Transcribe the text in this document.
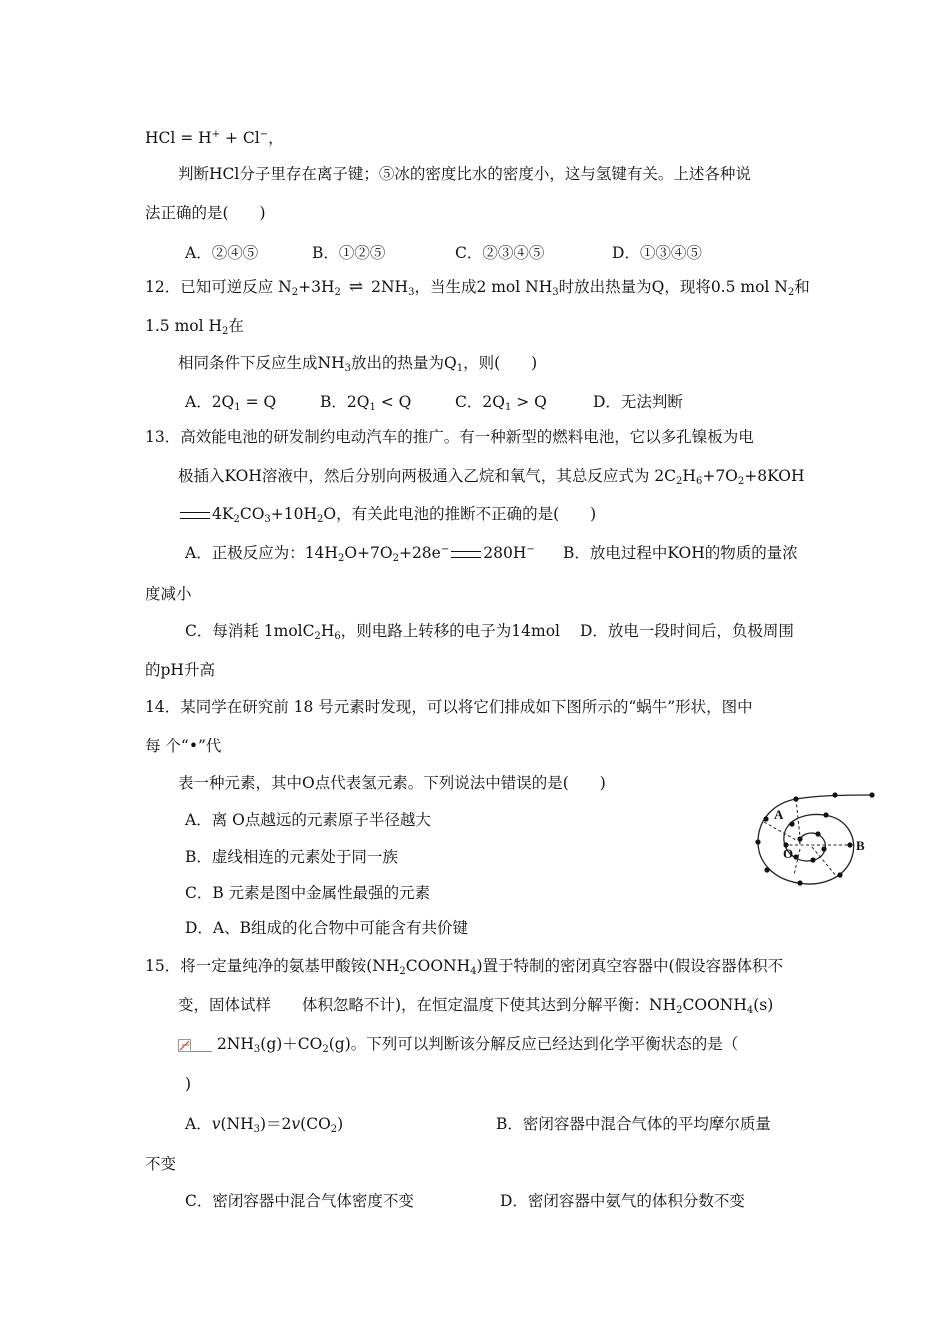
HCl = H+ + Cl−，
判断HCl分子里存在离子键；⑤冰的密度比水的密度小，这与氢键有关。上述各种说
法正确的是(　　)
A．②④⑤	B．①②⑤	C．②③④⑤	D．①③④⑤
12．已知可逆反应 $N_2+3H_2$ ⇌ $2NH_3$，当生成2 mol $NH_3$时放出热量为Q，现将0.5 mol $N_2$和
1.5 mol $H_2$在
相同条件下反应生成$NH_3$放出的热量为$Q_1$，则(　　)
A．$2Q_1 = Q$	B．$2Q_1 < Q$	C．$2Q_1 > Q$	D．无法判断
13．高效能电池的研发制约电动汽车的推广。有一种新型的燃料电池，它以多孔镍板为电
极插入KOH溶液中，然后分别向两极通入乙烷和氧气，其总反应式为 $2C_2H_6+7O_2+8KOH$
$4K_2CO_3+10H_2O$，有关此电池的推断不正确的是(　　)
A．正极反应为：$14H_2O+7O_2+28e^-$ 280H− B．放电过程中KOH的物质的量浓
度减小
C．每消耗 $1molC_2H_6$，则电路上转移的电子为14mol D．放电一段时间后，负极周围
的pH升高
14．某同学在研究前 18 号元素时发现，可以将它们排成如下图所示的“蜗牛”形状，图中
每 个“•”代
表一种元素，其中O点代表氢元素。下列说法中错误的是(　　)
A．离 O点越远的元素原子半径越大
B．虚线相连的元素处于同一族
C．B 元素是图中金属性最强的元素
D．A、B组成的化合物中可能含有共价键
A
O
B
15．将一定量纯净的氨基甲酸铵$(NH_2COONH_4)$置于特制的密闭真空容器中(假设容器体积不
变，固体试样　　体积忽略不计)，在恒定温度下使其达到分解平衡：$NH_2COONH_4(s)$
$2NH_3(g)+CO_2(g)$。下列可以判断该分解反应已经达到化学平衡状态的是（
)
A．$v(NH_3)=2v(CO_2)$	B．密闭容器中混合气体的平均摩尔质量
不变
C．密闭容器中混合气体密度不变	D．密闭容器中氨气的体积分数不变
